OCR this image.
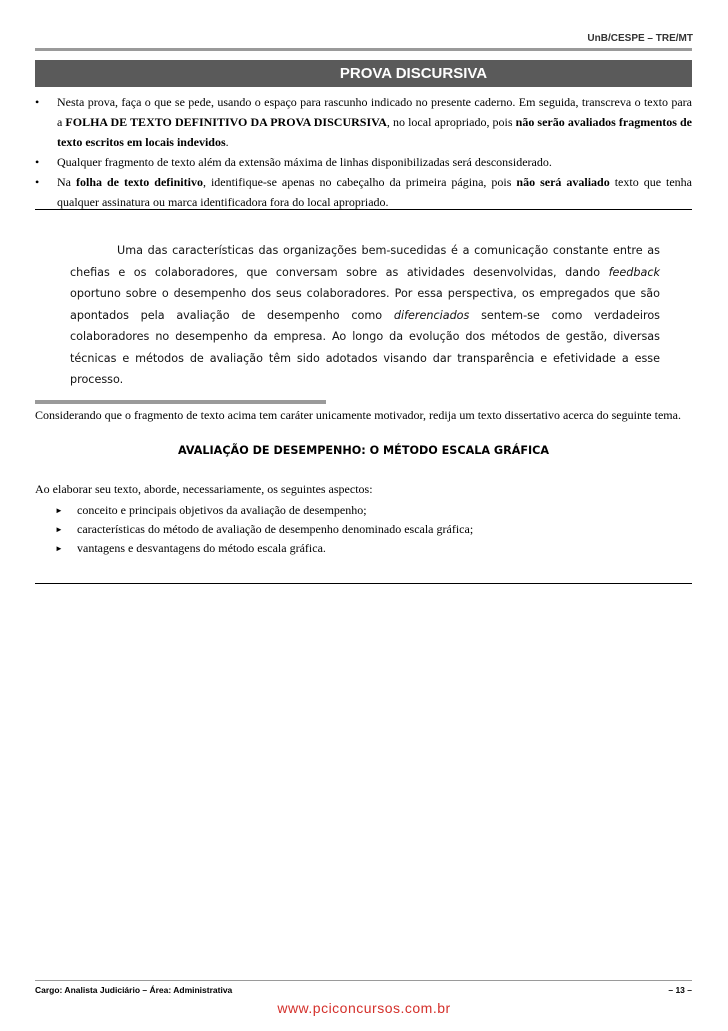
UnB/CESPE – TRE/MT
PROVA DISCURSIVA
• Nesta prova, faça o que se pede, usando o espaço para rascunho indicado no presente caderno. Em seguida, transcreva o texto para a FOLHA DE TEXTO DEFINITIVO DA PROVA DISCURSIVA, no local apropriado, pois não serão avaliados fragmentos de texto escritos em locais indevidos.
• Qualquer fragmento de texto além da extensão máxima de linhas disponibilizadas será desconsiderado.
• Na folha de texto definitivo, identifique-se apenas no cabeçalho da primeira página, pois não será avaliado texto que tenha qualquer assinatura ou marca identificadora fora do local apropriado.

Uma das características das organizações bem-sucedidas é a comunicação constante entre as chefias e os colaboradores, que conversam sobre as atividades desenvolvidas, dando feedback oportuno sobre o desempenho dos seus colaboradores. Por essa perspectiva, os empregados que são apontados pela avaliação de desempenho como diferenciados sentem-se como verdadeiros colaboradores no desempenho da empresa. Ao longo da evolução dos métodos de gestão, diversas técnicas e métodos de avaliação têm sido adotados visando dar transparência e efetividade a esse processo.

Considerando que o fragmento de texto acima tem caráter unicamente motivador, redija um texto dissertativo acerca do seguinte tema.
AVALIAÇÃO DE DESEMPENHO: O MÉTODO ESCALA GRÁFICA
Ao elaborar seu texto, aborde, necessariamente, os seguintes aspectos:
► conceito e principais objetivos da avaliação de desempenho;
► características do método de avaliação de desempenho denominado escala gráfica;
► vantagens e desvantagens do método escala gráfica.
Cargo: Analista Judiciário – Área: Administrativa	– 13 –
www.pciconcursos.com.br
